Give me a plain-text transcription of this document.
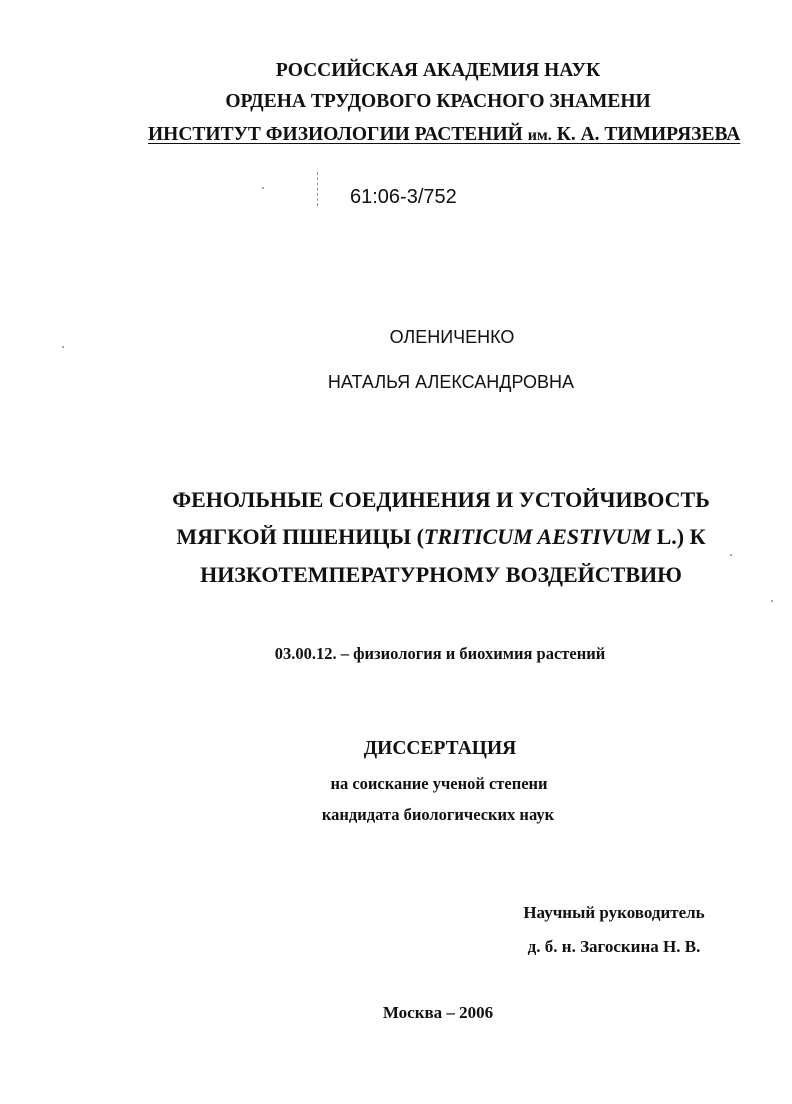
РОССИЙСКАЯ АКАДЕМИЯ НАУК
ОРДЕНА ТРУДОВОГО КРАСНОГО ЗНАМЕНИ
ИНСТИТУТ ФИЗИОЛОГИИ РАСТЕНИЙ им. К. А. ТИМИРЯЗЕВА
61:06-3/752
ОЛЕНИЧЕНКО
НАТАЛЬЯ АЛЕКСАНДРОВНА
ФЕНОЛЬНЫЕ СОЕДИНЕНИЯ И УСТОЙЧИВОСТЬ
МЯГКОЙ ПШЕНИЦЫ (TRITICUM AESTIVUM L.) К
НИЗКОТЕМПЕРАТУРНОМУ ВОЗДЕЙСТВИЮ
03.00.12. – физиология и биохимия растений
ДИССЕРТАЦИЯ
на соискание ученой степени
кандидата биологических наук
Научный руководитель
д. б. н. Загоскина Н. В.
Москва – 2006
